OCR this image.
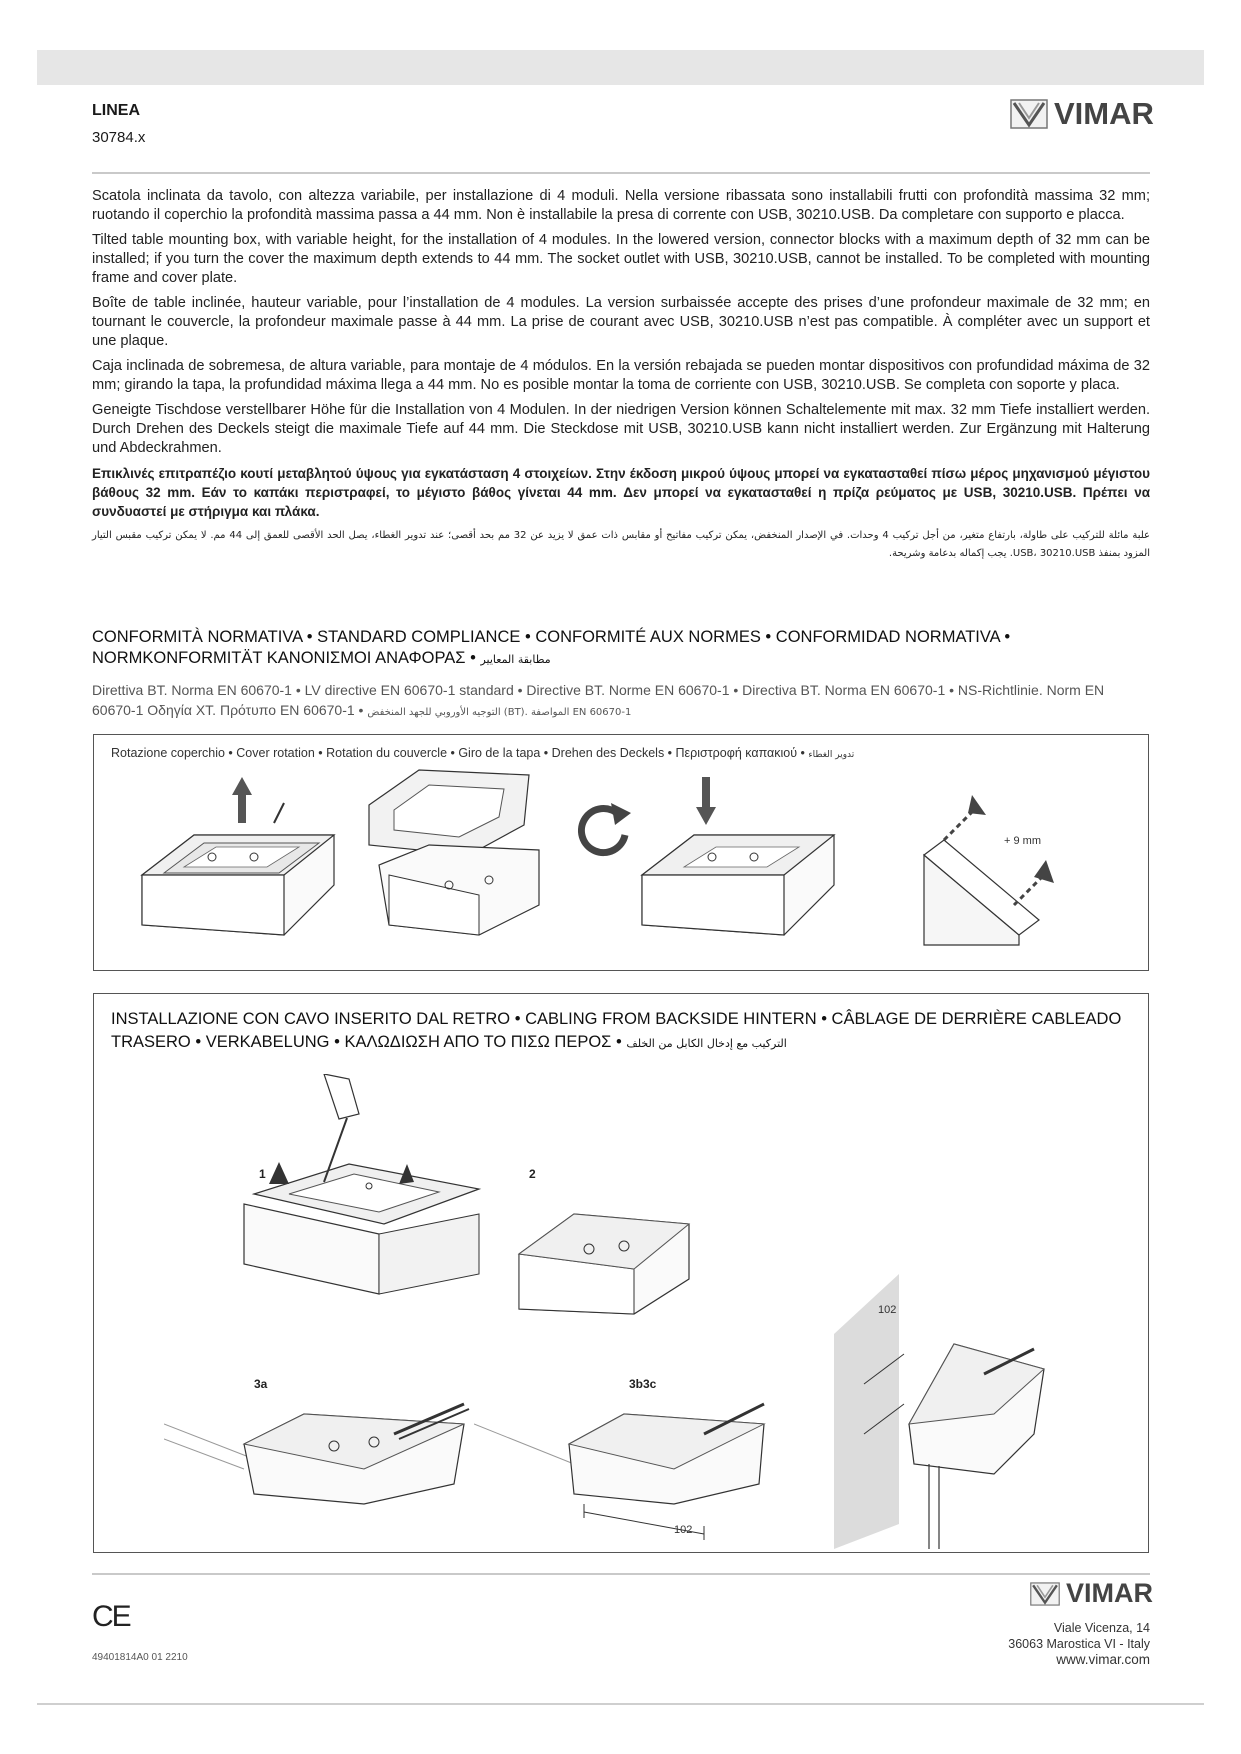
LINEA
30784.x
VIMAR

Scatola inclinata da tavolo, con altezza variabile, per installazione di 4 moduli. Nella versione ribassata sono installabili frutti con profondità massima 32 mm; ruotando il coperchio la profondità massima passa a 44 mm. Non è installabile la presa di corrente con USB, 30210.USB. Da completare con supporto e placca.

Tilted table mounting box, with variable height, for the installation of 4 modules. In the lowered version, connector blocks with a maximum depth of 32 mm can be installed; if you turn the cover the maximum depth extends to 44 mm. The socket outlet with USB, 30210.USB, cannot be installed. To be completed with mounting frame and cover plate.

Boîte de table inclinée, hauteur variable, pour l’installation de 4 modules. La version surbaissée accepte des prises d’une profondeur maximale de 32 mm; en tournant le couvercle, la profondeur maximale passe à 44 mm. La prise de courant avec USB, 30210.USB n’est pas compatible. À compléter avec un support et une plaque.

Caja inclinada de sobremesa, de altura variable, para montaje de 4 módulos. En la versión rebajada se pueden montar dispositivos con profundidad máxima de 32 mm; girando la tapa, la profundidad máxima llega a 44 mm. No es posible montar la toma de corriente con USB, 30210.USB. Se completa con soporte y placa.

Geneigte Tischdose verstellbarer Höhe für die Installation von 4 Modulen. In der niedrigen Version können Schaltelemente mit max. 32 mm Tiefe installiert werden. Durch Drehen des Deckels steigt die maximale Tiefe auf 44 mm. Die Steckdose mit USB, 30210.USB kann nicht installiert werden. Zur Ergänzung mit Halterung und Abdeckrahmen.

Επικλινές επιτραπέζιο κουτί μεταβλητού ύψους για εγκατάσταση 4 στοιχείων. Στην έκδοση μικρού ύψους μπορεί να εγκατασταθεί πίσω μέρος μηχανισμού μέγιστου βάθους 32 mm. Εάν το καπάκι περιστραφεί, το μέγιστο βάθος γίνεται 44 mm. Δεν μπορεί να εγκατασταθεί η πρίζα ρεύματος με USB, 30210.USB. Πρέπει να συνδυαστεί με στήριγμα και πλάκα.

علبة مائلة للتركيب على طاولة، بارتفاع متغير، من أجل تركيب 4 وحدات. في الإصدار المنخفض، يمكن تركيب مفاتيح أو مقابس ذات عمق لا يزيد عن 32 مم بحد أقصى؛ عند تدوير الغطاء، يصل الحد الأقصى للعمق إلى 44 مم. لا يمكن تركيب مقبس التيار المزود بمنفذ USB، 30210.USB. يجب إكماله بدعامة وشريحة.

CONFORMITÀ NORMATIVA • STANDARD COMPLIANCE • CONFORMITÉ AUX NORMES • CONFORMIDAD NORMATIVA • NORMKONFORMITÄT ΚΑΝΟΝΙΣΜΟΙ ΑΝΑΦΟΡΑΣ • مطابقة المعايير
Direttiva BT. Norma EN 60670-1 • LV directive EN 60670-1 standard • Directive BT. Norme EN 60670-1 • Directiva BT. Norma EN 60670-1 • NS-Richtlinie. Norm EN 60670-1 Οδηγία ΧΤ. Πρότυπο EN 60670-1 • التوجيه الأوروبي للجهد المنخفض (BT). المواصفة EN 60670-1
Rotazione coperchio • Cover rotation • Rotation du couvercle • Giro de la tapa • Drehen des Deckels • Περιστροφή καπακιού • تدوير الغطاء
+ 9 mm
INSTALLAZIONE CON CAVO INSERITO DAL RETRO • CABLING FROM BACKSIDE HINTERN • CÂBLAGE DE DERRIÈRE CABLEADO TRASERO • VERKABELUNG • ΚΑΛΩΔΙΩΣΗ ΑΠΟ ΤΟ ΠΙΣΩ ΠΕΡΟΣ • التركيب مع إدخال الكابل من الخلف
1	2
3a	3b3c
102
102
VIMAR
CE
49401814A0 01 2210
Viale Vicenza, 14
36063 Marostica VI - Italy
www.vimar.com
